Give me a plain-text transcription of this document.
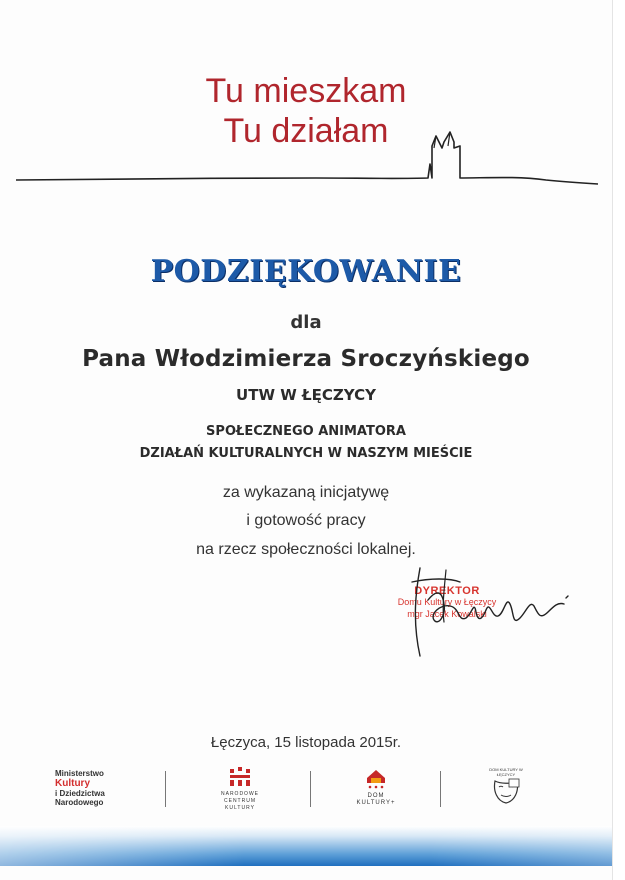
Tu mieszkam
Tu działam
PODZIĘKOWANIE
dla
Pana Włodzimierza Sroczyńskiego
UTW W ŁĘCZYCY
SPOŁECZNEGO ANIMATORA
DZIAŁAŃ KULTURALNYCH W NASZYM MIEŚCIE
za wykazaną inicjatywę
i gotowość pracy
na rzecz społeczności lokalnej.
DYREKTOR
Domu Kultury w Łęczycy
mgr Jacek Kowalski
Łęczyca, 15 listopada 2015r.
Ministerstwo
Kultury
i Dziedzictwa
Narodowego
NARODOWE
CENTRUM
KULTURY
DOM
KULTURY+
DOM KULTURY W ŁĘCZYCY
